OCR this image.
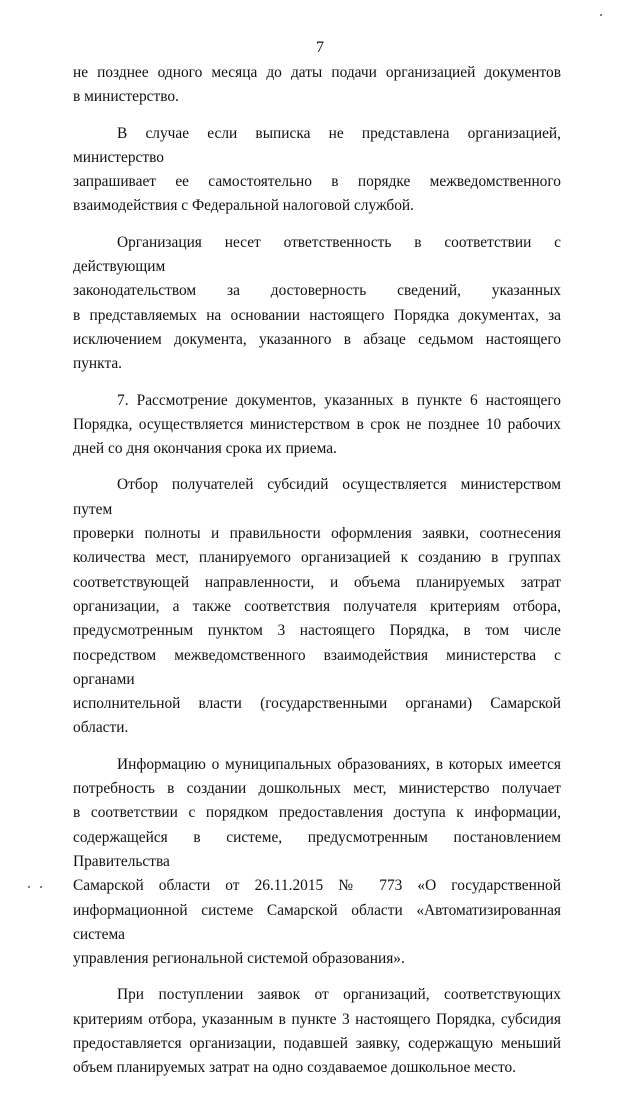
7
не позднее одного месяца до даты подачи организацией документов
в министерство.
В случае если выписка не представлена организацией, министерство
запрашивает ее самостоятельно в порядке межведомственного
взаимодействия с Федеральной налоговой службой.
Организация несет ответственность в соответствии с действующим
законодательством за достоверность сведений, указанных
в представляемых на основании настоящего Порядка документах, за
исключением документа, указанного в абзаце седьмом настоящего пункта.
7. Рассмотрение документов, указанных в пункте 6 настоящего
Порядка, осуществляется министерством в срок не позднее 10 рабочих
дней со дня окончания срока их приема.
Отбор получателей субсидий осуществляется министерством путем
проверки полноты и правильности оформления заявки, соотнесения
количества мест, планируемого организацией к созданию в группах
соответствующей направленности, и объема планируемых затрат
организации, а также соответствия получателя критериям отбора,
предусмотренным пунктом 3 настоящего Порядка, в том числе
посредством межведомственного взаимодействия министерства с органами
исполнительной власти (государственными органами) Самарской области.
Информацию о муниципальных образованиях, в которых имеется
потребность в создании дошкольных мест, министерство получает
в соответствии с порядком предоставления доступа к информации,
содержащейся в системе, предусмотренным постановлением Правительства
Самарской области от 26.11.2015 № 773 «О государственной
информационной системе Самарской области «Автоматизированная система
управления региональной системой образования».
При поступлении заявок от организаций, соответствующих
критериям отбора, указанным в пункте 3 настоящего Порядка, субсидия
предоставляется организации, подавшей заявку, содержащую меньший
объем планируемых затрат на одно создаваемое дошкольное место.
